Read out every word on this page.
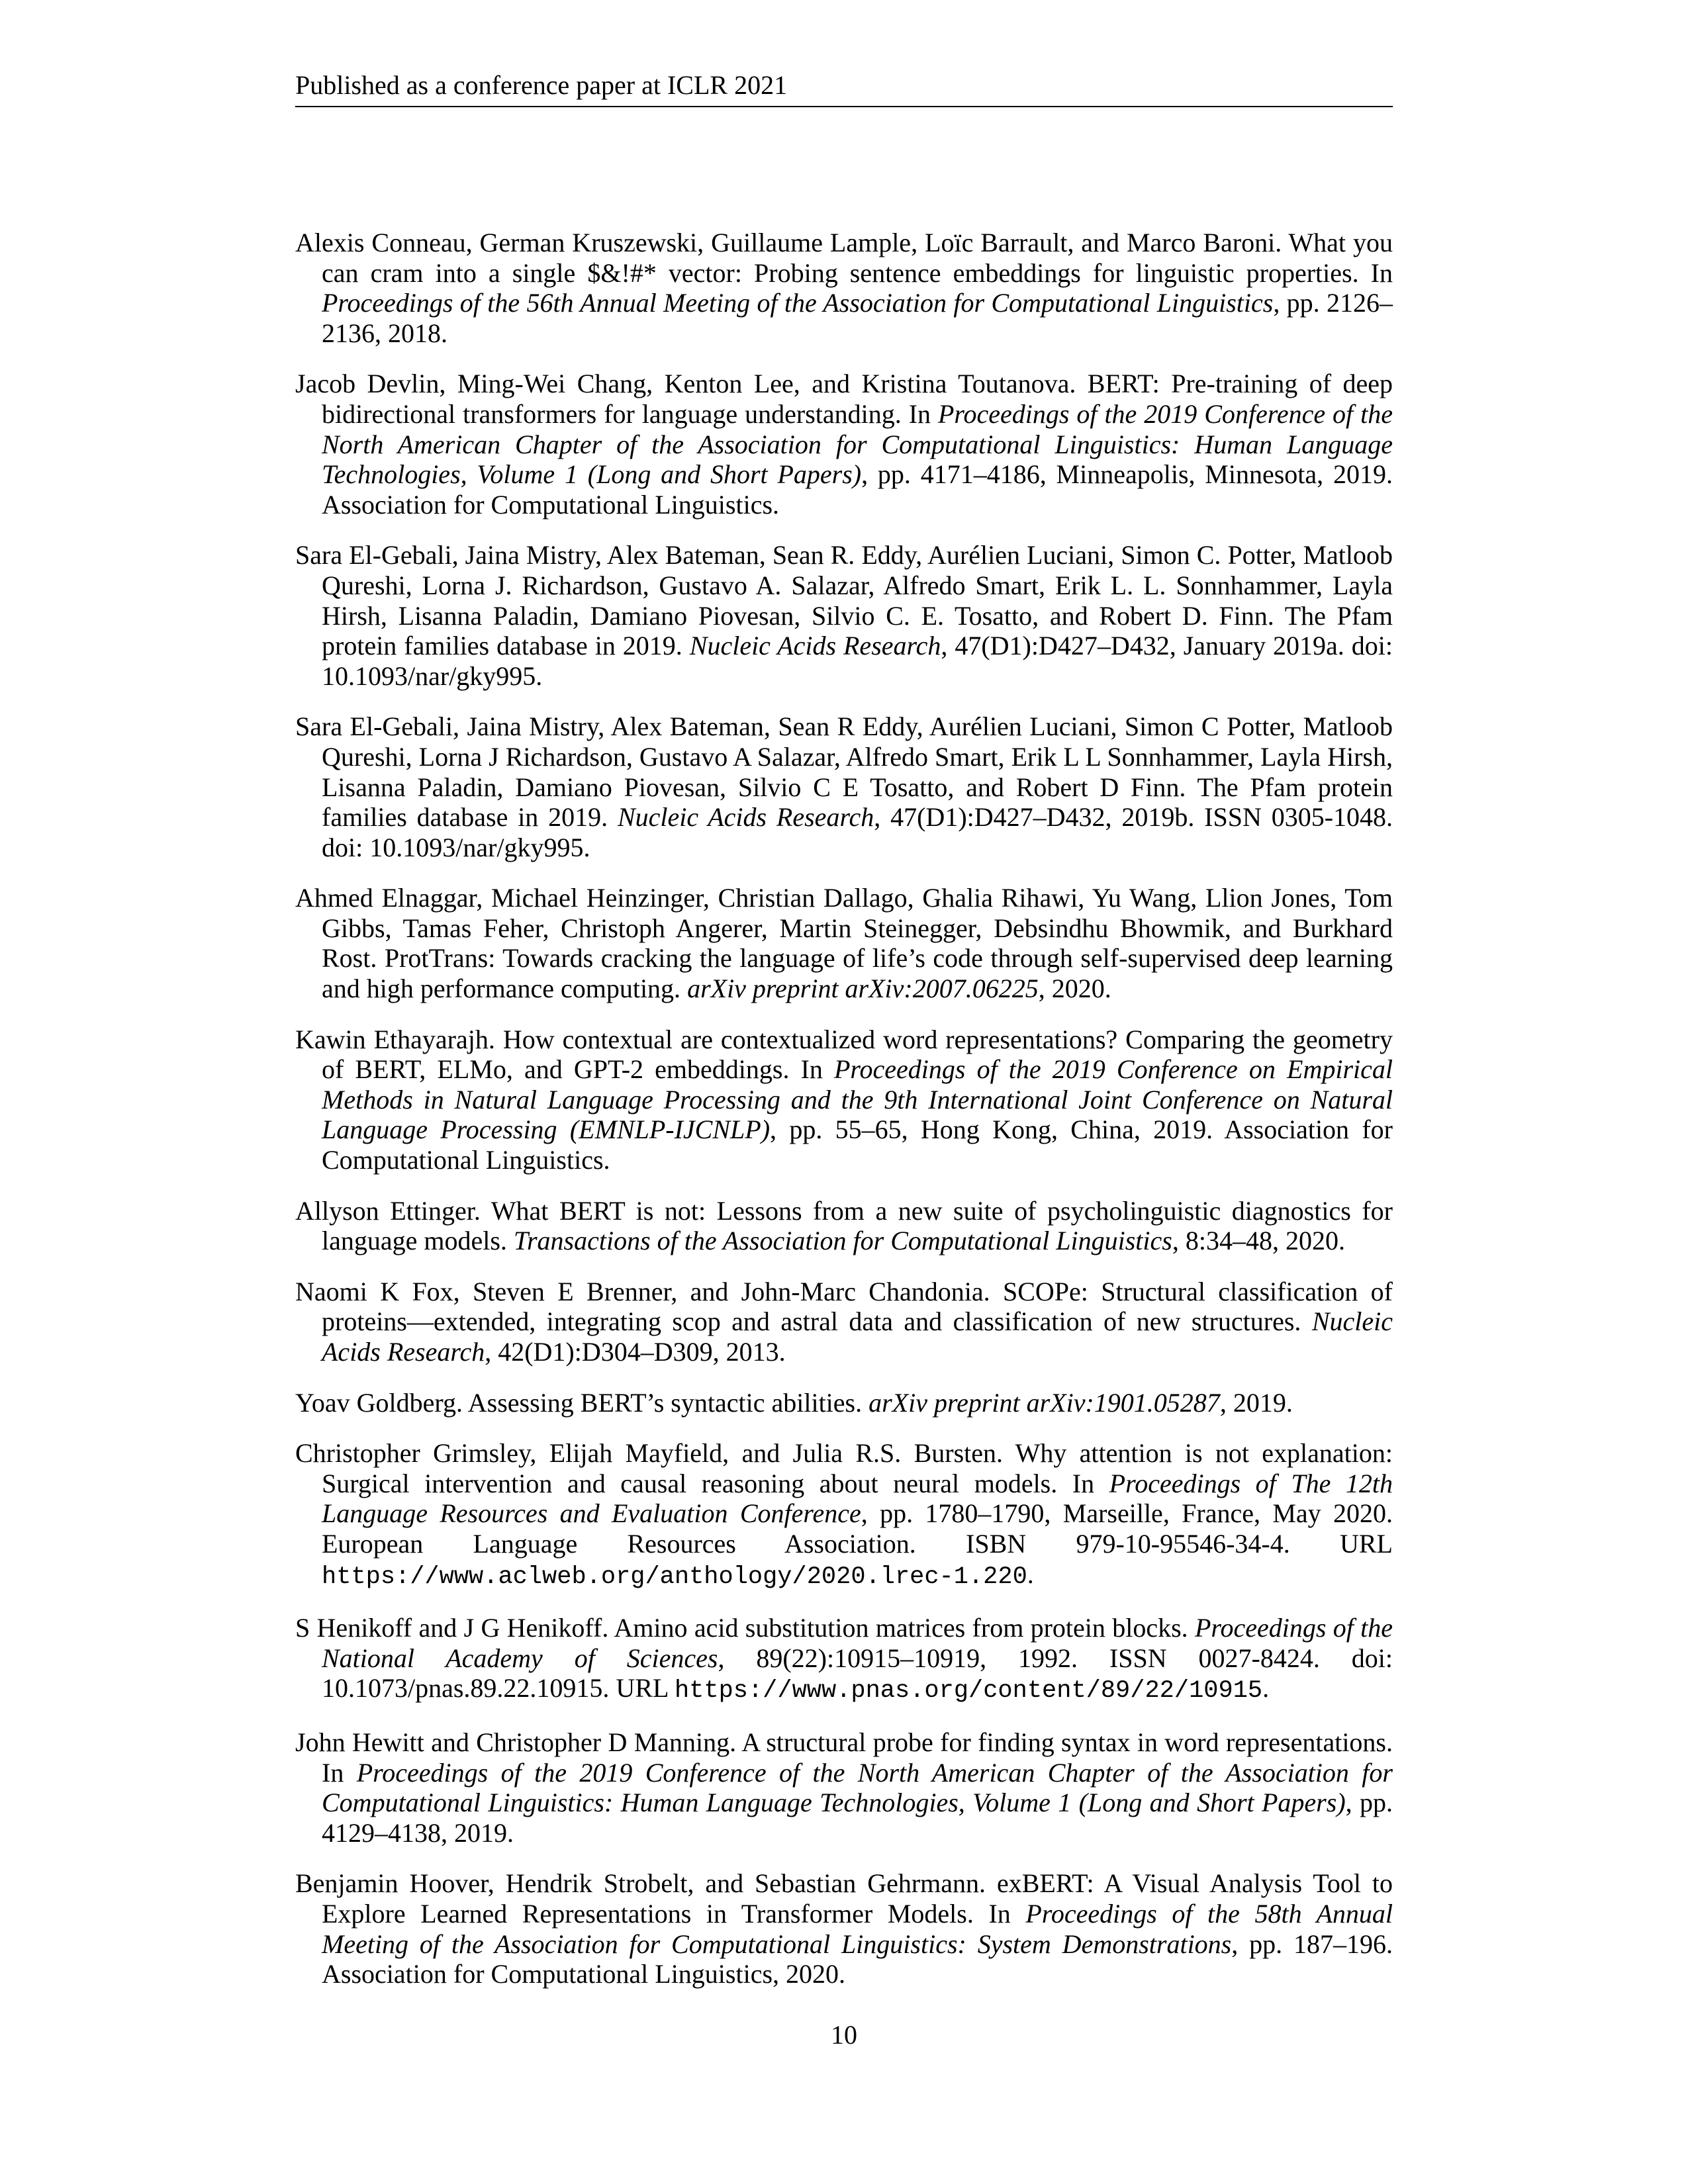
Published as a conference paper at ICLR 2021

Alexis Conneau, German Kruszewski, Guillaume Lample, Loïc Barrault, and Marco Baroni. What you can cram into a single $&!#* vector: Probing sentence embeddings for linguistic properties. In Proceedings of the 56th Annual Meeting of the Association for Computational Linguistics, pp. 2126–2136, 2018.

Jacob Devlin, Ming-Wei Chang, Kenton Lee, and Kristina Toutanova. BERT: Pre-training of deep bidirectional transformers for language understanding. In Proceedings of the 2019 Conference of the North American Chapter of the Association for Computational Linguistics: Human Language Technologies, Volume 1 (Long and Short Papers), pp. 4171–4186, Minneapolis, Minnesota, 2019. Association for Computational Linguistics.

Sara El-Gebali, Jaina Mistry, Alex Bateman, Sean R. Eddy, Aurélien Luciani, Simon C. Potter, Matloob Qureshi, Lorna J. Richardson, Gustavo A. Salazar, Alfredo Smart, Erik L. L. Sonnhammer, Layla Hirsh, Lisanna Paladin, Damiano Piovesan, Silvio C. E. Tosatto, and Robert D. Finn. The Pfam protein families database in 2019. Nucleic Acids Research, 47(D1):D427–D432, January 2019a. doi: 10.1093/nar/gky995.

Sara El-Gebali, Jaina Mistry, Alex Bateman, Sean R Eddy, Aurélien Luciani, Simon C Potter, Matloob Qureshi, Lorna J Richardson, Gustavo A Salazar, Alfredo Smart, Erik L L Sonnhammer, Layla Hirsh, Lisanna Paladin, Damiano Piovesan, Silvio C E Tosatto, and Robert D Finn. The Pfam protein families database in 2019. Nucleic Acids Research, 47(D1):D427–D432, 2019b. ISSN 0305-1048. doi: 10.1093/nar/gky995.

Ahmed Elnaggar, Michael Heinzinger, Christian Dallago, Ghalia Rihawi, Yu Wang, Llion Jones, Tom Gibbs, Tamas Feher, Christoph Angerer, Martin Steinegger, Debsindhu Bhowmik, and Burkhard Rost. ProtTrans: Towards cracking the language of life’s code through self-supervised deep learning and high performance computing. arXiv preprint arXiv:2007.06225, 2020.

Kawin Ethayarajh. How contextual are contextualized word representations? Comparing the geometry of BERT, ELMo, and GPT-2 embeddings. In Proceedings of the 2019 Conference on Empirical Methods in Natural Language Processing and the 9th International Joint Conference on Natural Language Processing (EMNLP-IJCNLP), pp. 55–65, Hong Kong, China, 2019. Association for Computational Linguistics.

Allyson Ettinger. What BERT is not: Lessons from a new suite of psycholinguistic diagnostics for language models. Transactions of the Association for Computational Linguistics, 8:34–48, 2020.

Naomi K Fox, Steven E Brenner, and John-Marc Chandonia. SCOPe: Structural classification of proteins—extended, integrating scop and astral data and classification of new structures. Nucleic Acids Research, 42(D1):D304–D309, 2013.

Yoav Goldberg. Assessing BERT’s syntactic abilities. arXiv preprint arXiv:1901.05287, 2019.

Christopher Grimsley, Elijah Mayfield, and Julia R.S. Bursten. Why attention is not explanation: Surgical intervention and causal reasoning about neural models. In Proceedings of The 12th Language Resources and Evaluation Conference, pp. 1780–1790, Marseille, France, May 2020. European Language Resources Association. ISBN 979-10-95546-34-4. URL https://www.aclweb.org/anthology/2020.lrec-1.220.

S Henikoff and J G Henikoff. Amino acid substitution matrices from protein blocks. Proceedings of the National Academy of Sciences, 89(22):10915–10919, 1992. ISSN 0027-8424. doi: 10.1073/pnas.89.22.10915. URL https://www.pnas.org/content/89/22/10915.

John Hewitt and Christopher D Manning. A structural probe for finding syntax in word representations. In Proceedings of the 2019 Conference of the North American Chapter of the Association for Computational Linguistics: Human Language Technologies, Volume 1 (Long and Short Papers), pp. 4129–4138, 2019.

Benjamin Hoover, Hendrik Strobelt, and Sebastian Gehrmann. exBERT: A Visual Analysis Tool to Explore Learned Representations in Transformer Models. In Proceedings of the 58th Annual Meeting of the Association for Computational Linguistics: System Demonstrations, pp. 187–196. Association for Computational Linguistics, 2020.

10
